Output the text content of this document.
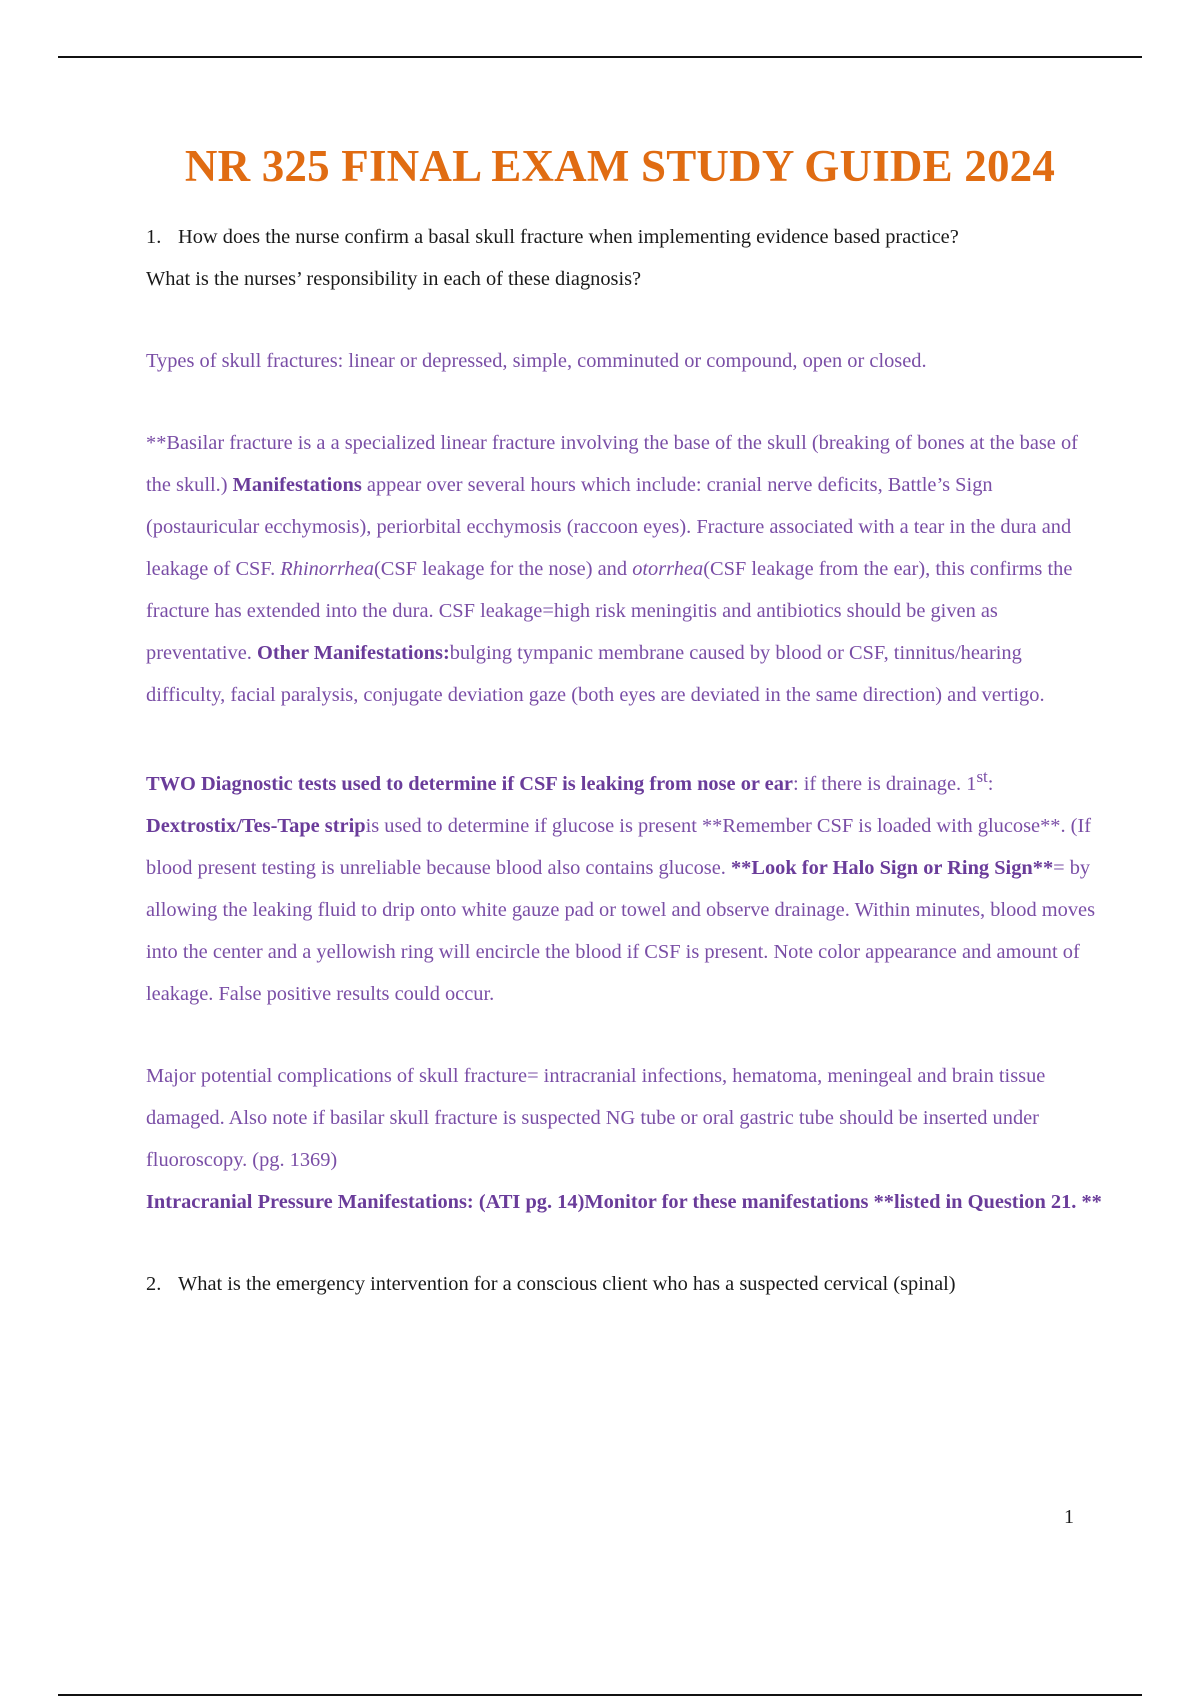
NR 325 FINAL EXAM STUDY GUIDE 2024

1. How does the nurse confirm a basal skull fracture when implementing evidence based practice?
What is the nurses’ responsibility in each of these diagnosis?

Types of skull fractures: linear or depressed, simple, comminuted or compound, open or closed.

**Basilar fracture is a a specialized linear fracture involving the base of the skull (breaking of bones at the base of the skull.) Manifestations appear over several hours which include: cranial nerve deficits, Battle’s Sign (postauricular ecchymosis), periorbital ecchymosis (raccoon eyes). Fracture associated with a tear in the dura and leakage of CSF. Rhinorrhea(CSF leakage for the nose) and otorrhea(CSF leakage from the ear), this confirms the fracture has extended into the dura. CSF leakage=high risk meningitis and antibiotics should be given as preventative. Other Manifestations:bulging tympanic membrane caused by blood or CSF, tinnitus/hearing difficulty, facial paralysis, conjugate deviation gaze (both eyes are deviated in the same direction) and vertigo.

TWO Diagnostic tests used to determine if CSF is leaking from nose or ear: if there is drainage. 1st: Dextrostix/Tes-Tape stripis used to determine if glucose is present **Remember CSF is loaded with glucose**. (If blood present testing is unreliable because blood also contains glucose. **Look for Halo Sign or Ring Sign**= by allowing the leaking fluid to drip onto white gauze pad or towel and observe drainage. Within minutes, blood moves into the center and a yellowish ring will encircle the blood if CSF is present. Note color appearance and amount of leakage. False positive results could occur.

Major potential complications of skull fracture= intracranial infections, hematoma, meningeal and brain tissue damaged. Also note if basilar skull fracture is suspected NG tube or oral gastric tube should be inserted under fluoroscopy. (pg. 1369)
Intracranial Pressure Manifestations: (ATI pg. 14)Monitor for these manifestations **listed in Question 21. **

2. What is the emergency intervention for a conscious client who has a suspected cervical (spinal)

1
